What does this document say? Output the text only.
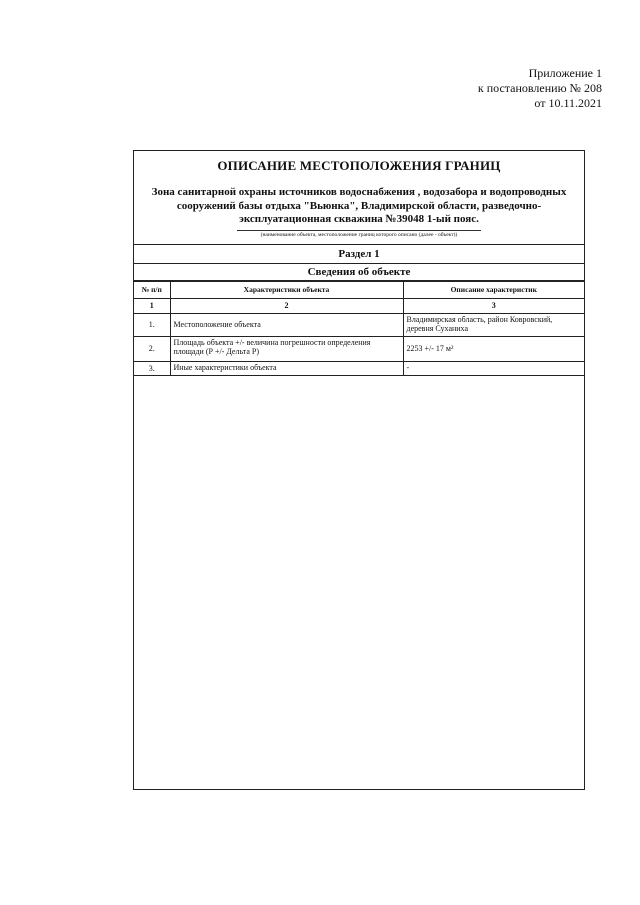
Приложение 1
к постановлению № 208
от 10.11.2021
ОПИСАНИЕ МЕСТОПОЛОЖЕНИЯ ГРАНИЦ
Зона санитарной охраны источников водоснабжения , водозабора и водопроводных сооружений базы отдыха "Вьюнка", Владимирской области, разведочно-эксплуатационная скважина №39048 1-ый пояс.
(наименование объекта, местоположение границ которого описано (далее - объект))
Раздел 1
Сведения об объекте
№ п/п	Характеристики объекта	Описание характеристик
1	2	3
1.	Местоположение объекта	Владимирская область, район Ковровский, деревня Суханиха
2.	Площадь объекта +/- величина погрешности определения площади (Р +/- Дельта Р)	2253 +/- 17 м²
3.	Иные характеристики объекта	-
